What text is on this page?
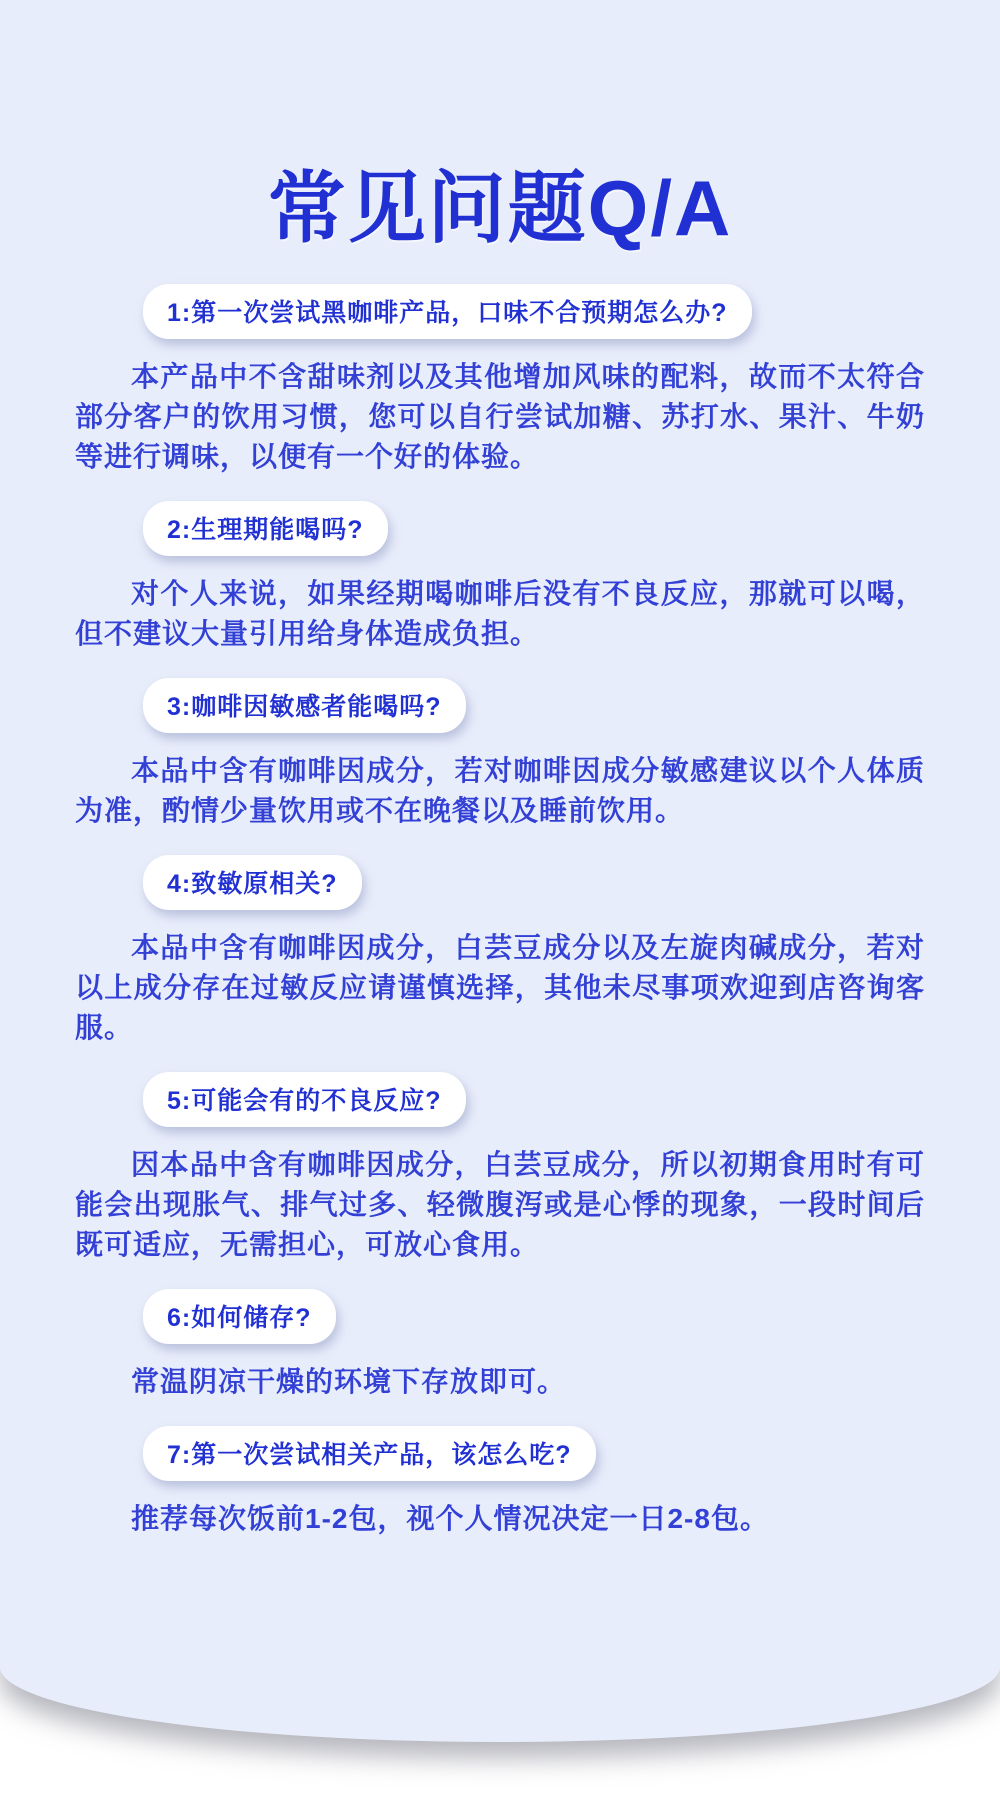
常见问题Q/A
1:第一次尝试黑咖啡产品，口味不合预期怎么办?

本产品中不含甜味剂以及其他增加风味的配料，故而不太符合部分客户的饮用习惯，您可以自行尝试加糖、苏打水、果汁、牛奶等进行调味，以便有一个好的体验。

2:生理期能喝吗?

对个人来说，如果经期喝咖啡后没有不良反应，那就可以喝，但不建议大量引用给身体造成负担。

3:咖啡因敏感者能喝吗?

本品中含有咖啡因成分，若对咖啡因成分敏感建议以个人体质为准，酌情少量饮用或不在晚餐以及睡前饮用。

4:致敏原相关?

本品中含有咖啡因成分，白芸豆成分以及左旋肉碱成分，若对以上成分存在过敏反应请谨慎选择，其他未尽事项欢迎到店咨询客服。

5:可能会有的不良反应?

因本品中含有咖啡因成分，白芸豆成分，所以初期食用时有可能会出现胀气、排气过多、轻微腹泻或是心悸的现象，一段时间后既可适应，无需担心，可放心食用。

6:如何储存?

常温阴凉干燥的环境下存放即可。

7:第一次尝试相关产品，该怎么吃?

推荐每次饭前1-2包，视个人情况决定一日2-8包。
